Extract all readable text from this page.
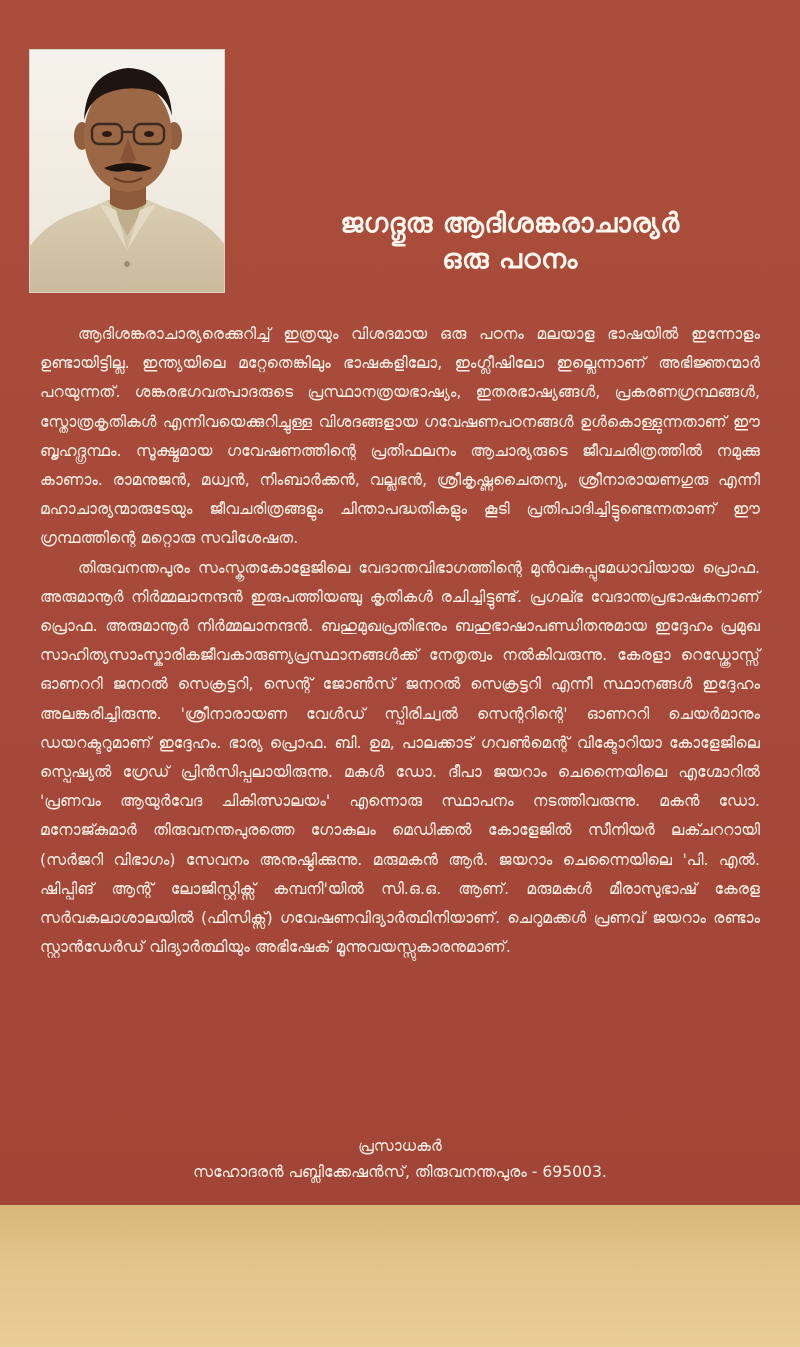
ജഗദ്ഗുരു ആദിശങ്കരാചാര്യർ
ഒരു പഠനം

ആദിശങ്കരാചാര്യരെക്കുറിച്ച് ഇത്രയും വിശദമായ ഒരു പഠനം മലയാള ഭാഷയിൽ ഇന്നോളം ഉണ്ടായിട്ടില്ല. ഇന്ത്യയിലെ മറ്റേതെങ്കിലും ഭാഷകളിലോ, ഇംഗ്ലീഷിലോ ഇല്ലെന്നാണ് അഭിജ്ഞന്മാർ പറയുന്നത്. ശങ്കരഭഗവത്പാദരുടെ പ്രസ്ഥാനത്രയഭാഷ്യം, ഇതരഭാഷ്യങ്ങൾ, പ്രകരണഗ്രന്ഥങ്ങൾ, സ്തോത്രകൃതികൾ എന്നിവയെക്കുറിച്ചുള്ള വിശദങ്ങളായ ഗവേഷണപഠനങ്ങൾ ഉൾകൊള്ളുന്നതാണ് ഈ ബൃഹദ്ഗ്രന്ഥം. സൂക്ഷ്മമായ ഗവേഷണത്തിന്റെ പ്രതിഫലനം ആചാര്യരുടെ ജീവചരിത്രത്തിൽ നമുക്കു കാണാം. രാമനുജൻ, മധ്വൻ, നിംബാർക്കൻ, വല്ലഭൻ, ശ്രീകൃഷ്ണചൈതന്യ, ശ്രീനാരായണഗുരു എന്നീ മഹാചാര്യന്മാരുടേയും ജീവചരിത്രങ്ങളും ചിന്താപദ്ധതികളും കൂടി പ്രതിപാദിച്ചിട്ടുണ്ടെന്നതാണ് ഈ ഗ്രന്ഥത്തിന്റെ മറ്റൊരു സവിശേഷത.

തിരുവനന്തപുരം സംസ്കൃതകോളേജിലെ വേദാന്തവിഭാഗത്തിന്റെ മുൻവകുപ്പുമേധാവിയായ പ്രൊഫ. അരുമാനൂർ നിർമ്മലാനന്ദൻ ഇരുപത്തിയഞ്ചു കൃതികൾ രചിച്ചിട്ടുണ്ട്. പ്രഗല്ഭ വേദാന്തപ്രഭാഷകനാണ് പ്രൊഫ. അരുമാനൂർ നിർമ്മലാനന്ദൻ. ബഹുമുഖപ്രതിഭനും ബഹുഭാഷാപണ്ഡിതനുമായ ഇദ്ദേഹം പ്രമുഖ സാഹിത്യസാംസ്കാരികജീവകാരുണ്യപ്രസ്ഥാനങ്ങൾക്ക് നേതൃത്വം നൽകിവരുന്നു. കേരളാ റെഡ്ക്രോസ്സ് ഓണററി ജനറൽ സെക്രട്ടറി, സെന്റ് ജോൺസ് ജനറൽ സെക്രട്ടറി എന്നീ സ്ഥാനങ്ങൾ ഇദ്ദേഹം അലങ്കരിച്ചിരുന്നു. 'ശ്രീനാരായണ വേൾഡ് സ്പിരിച്വൽ സെന്ററിന്റെ' ഓണററി ചെയർമാനും ഡയറക്ടറുമാണ് ഇദ്ദേഹം. ഭാര്യ പ്രൊഫ. ബി. ഉമ, പാലക്കാട് ഗവൺമെന്റ് വിക്ടോറിയാ കോളേജിലെ സ്പെഷ്യൽ ഗ്രേഡ് പ്രിൻസിപ്പലായിരുന്നു. മകൾ ഡോ. ദീപാ ജയറാം ചെന്നൈയിലെ എഗ്മോറിൽ 'പ്രണവം ആയുർവേദ ചികിത്സാലയം' എന്നൊരു സ്ഥാപനം നടത്തിവരുന്നു. മകൻ ഡോ. മനോജ്കുമാർ തിരുവനന്തപുരത്തെ ഗോകുലം മെഡിക്കൽ കോളേജിൽ സീനിയർ ലക്ചററായി (സർജറി വിഭാഗം) സേവനം അനുഷ്ഠിക്കുന്നു. മരുമകൻ ആർ. ജയറാം ചെന്നൈയിലെ 'പി. എൽ. ഷിപ്പിങ് ആന്റ് ലോജിസ്റ്റിക്സ് കമ്പനി'യിൽ സി.ഒ.ഒ. ആണ്. മരുമകൾ മീരാസുഭാഷ് കേരള സർവകലാശാലയിൽ (ഫിസിക്സ്) ഗവേഷണവിദ്യാർത്ഥിനിയാണ്. ചെറുമക്കൾ പ്രണവ് ജയറാം രണ്ടാം സ്റ്റാൻഡേർഡ് വിദ്യാർത്ഥിയും അഭിഷേക് മൂന്നുവയസ്സുകാരനുമാണ്.

പ്രസാധകർ
സഹോദരൻ പബ്ലിക്കേഷൻസ്, തിരുവനന്തപുരം - 695003.
